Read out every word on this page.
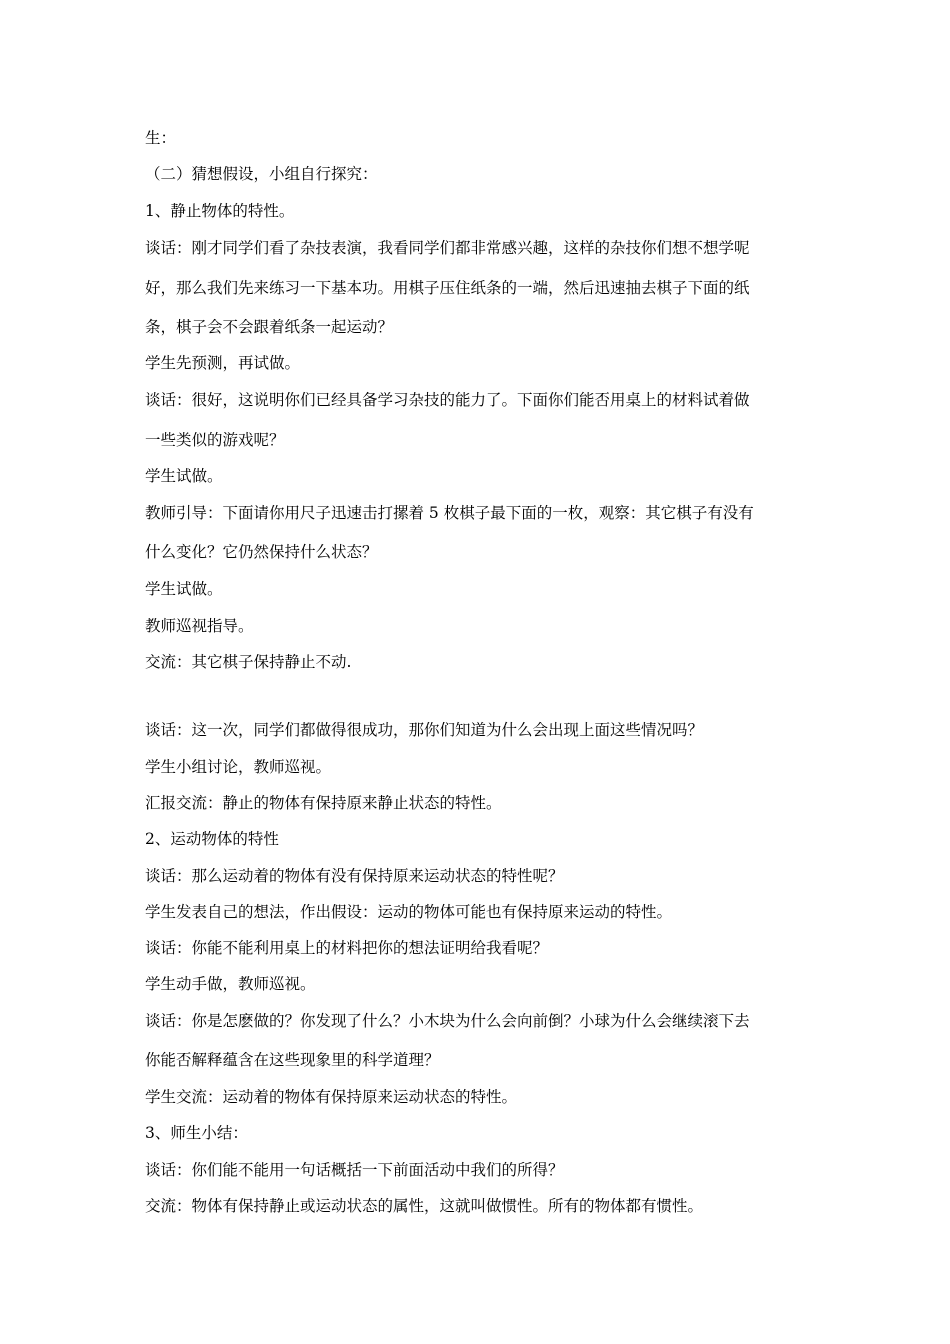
生：
（二）猜想假设，小组自行探究：
1、静止物体的特性。
谈话：刚才同学们看了杂技表演，我看同学们都非常感兴趣，这样的杂技你们想不想学呢
好，那么我们先来练习一下基本功。用棋子压住纸条的一端，然后迅速抽去棋子下面的纸
条，棋子会不会跟着纸条一起运动？
学生先预测，再试做。
谈话：很好，这说明你们已经具备学习杂技的能力了。下面你们能否用桌上的材料试着做
一些类似的游戏呢？
学生试做。
教师引导：下面请你用尺子迅速击打摞着 5 枚棋子最下面的一枚，观察：其它棋子有没有
什么变化？它仍然保持什么状态？
学生试做。
教师巡视指导。
交流：其它棋子保持静止不动.
谈话：这一次，同学们都做得很成功，那你们知道为什么会出现上面这些情况吗？
学生小组讨论，教师巡视。
汇报交流：静止的物体有保持原来静止状态的特性。
2、运动物体的特性
谈话：那么运动着的物体有没有保持原来运动状态的特性呢？
学生发表自己的想法，作出假设：运动的物体可能也有保持原来运动的特性。
谈话：你能不能利用桌上的材料把你的想法证明给我看呢？
学生动手做，教师巡视。
谈话：你是怎麽做的？你发现了什么？小木块为什么会向前倒？小球为什么会继续滚下去
你能否解释蕴含在这些现象里的科学道理？
学生交流：运动着的物体有保持原来运动状态的特性。
3、师生小结：
谈话：你们能不能用一句话概括一下前面活动中我们的所得？
交流：物体有保持静止或运动状态的属性，这就叫做惯性。所有的物体都有惯性。
